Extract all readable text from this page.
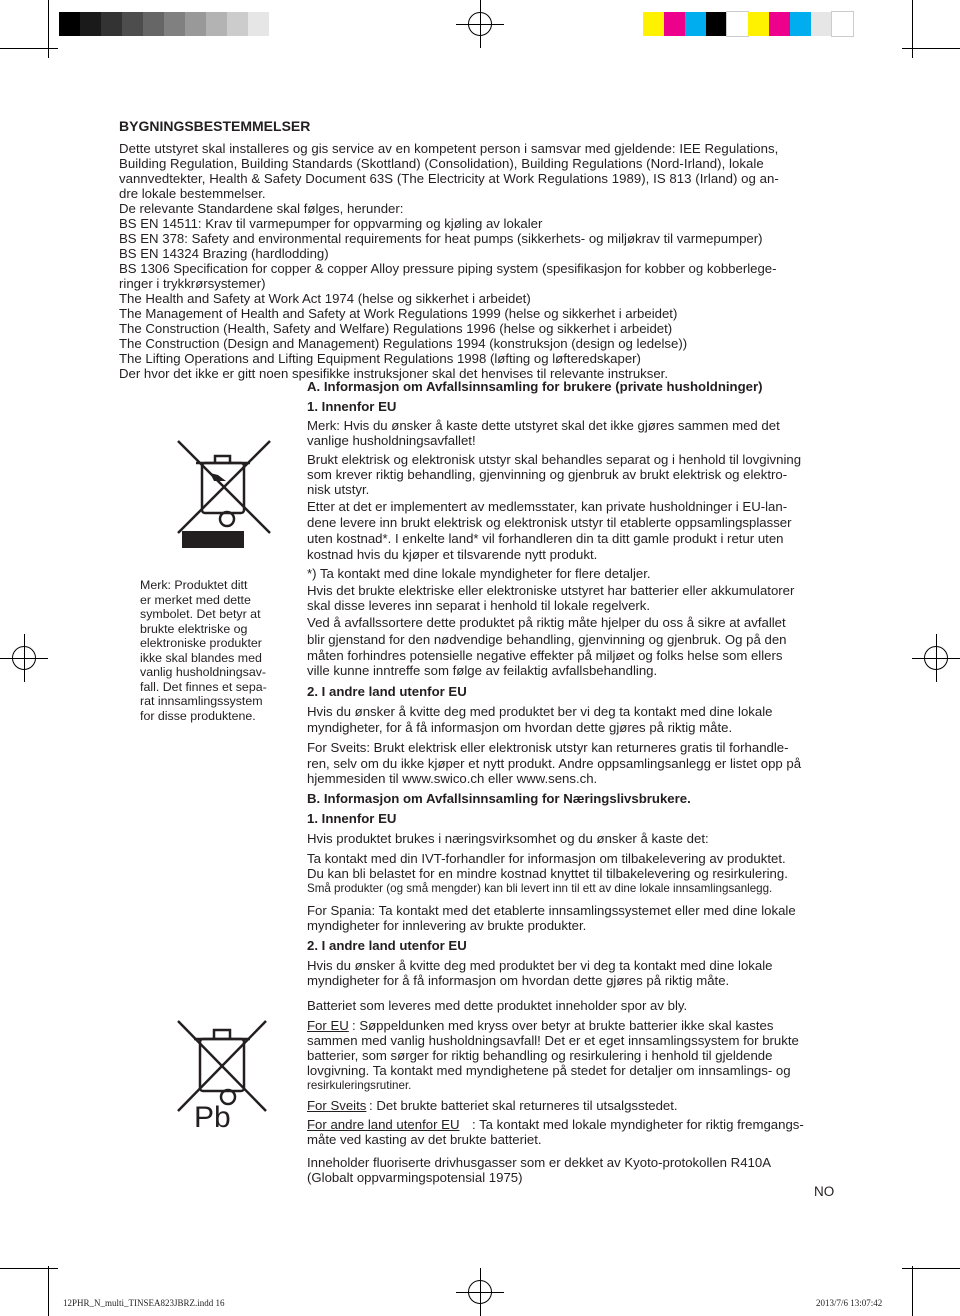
BYGNINGSBESTEMMELSER
Dette utstyret skal installeres og gis service av en kompetent person i samsvar med gjeldende: IEE Regulations,
Building Regulation, Building Standards (Skottland) (Consolidation), Building Regulations (Nord-Irland), lokale
vannvedtekter, Health & Safety Document 63S (The Electricity at Work Regulations 1989), IS 813 (Irland) og an-
dre lokale bestemmelser.
De relevante Standardene skal følges, herunder:
BS EN 14511: Krav til varmepumper for oppvarming og kjøling av lokaler
BS EN 378: Safety and environmental requirements for heat pumps (sikkerhets- og miljøkrav til varmepumper)
BS EN 14324 Brazing (hardlodding)
BS 1306 Specification for copper & copper Alloy pressure piping system (spesifikasjon for kobber og kobberlege-
ringer i trykkrørsystemer)
The Health and Safety at Work Act 1974 (helse og sikkerhet i arbeidet)
The Management of Health and Safety at Work Regulations 1999 (helse og sikkerhet i arbeidet)
The Construction (Health, Safety and Welfare) Regulations 1996 (helse og sikkerhet i arbeidet)
The Construction (Design and Management) Regulations 1994 (konstruksjon (design og ledelse))
The Lifting Operations and Lifting Equipment Regulations 1998 (løfting og løfteredskaper)
Der hvor det ikke er gitt noen spesifikke instruksjoner skal det henvises til relevante instrukser.
Merk: Produktet ditt
er merket med dette
symbolet. Det betyr at
brukte elektriske og
elektroniske produkter
ikke skal blandes med
vanlig husholdningsav-
fall. Det finnes et sepa-
rat innsamlingssystem
for disse produktene.
Pb
A. Informasjon om Avfallsinnsamling for brukere (private husholdninger)
1. Innenfor EU
Merk: Hvis du ønsker å kaste dette utstyret skal det ikke gjøres sammen med det
vanlige husholdningsavfallet!
Brukt elektrisk og elektronisk utstyr skal behandles separat og i henhold til lovgivning
som krever riktig behandling, gjenvinning og gjenbruk av brukt elektrisk og elektro-
nisk utstyr.
Etter at det er implementert av medlemsstater, kan private husholdninger i EU-lan-
dene levere inn brukt elektrisk og elektronisk utstyr til etablerte oppsamlingsplasser
uten kostnad*. I enkelte land* vil forhandleren din ta ditt gamle produkt i retur uten
kostnad hvis du kjøper et tilsvarende nytt produkt.
*) Ta kontakt med dine lokale myndigheter for flere detaljer.
Hvis det brukte elektriske eller elektroniske utstyret har batterier eller akkumulatorer
skal disse leveres inn separat i henhold til lokale regelverk.
Ved å avfallssortere dette produktet på riktig måte hjelper du oss å sikre at avfallet
blir gjenstand for den nødvendige behandling, gjenvinning og gjenbruk. Og på den
måten forhindres potensielle negative effekter på miljøet og folks helse som ellers
ville kunne inntreffe som følge av feilaktig avfallsbehandling.
2. I andre land utenfor EU
Hvis du ønsker å kvitte deg med produktet ber vi deg ta kontakt med dine lokale
myndigheter, for å få informasjon om hvordan dette gjøres på riktig måte.
For Sveits: Brukt elektrisk eller elektronisk utstyr kan returneres gratis til forhandle-
ren, selv om du ikke kjøper et nytt produkt. Andre oppsamlingsanlegg er listet opp på
hjemmesiden til www.swico.ch eller www.sens.ch.
B. Informasjon om Avfallsinnsamling for Næringslivsbrukere.
1. Innenfor EU
Hvis produktet brukes i næringsvirksomhet og du ønsker å kaste det:
Ta kontakt med din IVT-forhandler for informasjon om tilbakelevering av produktet.
Du kan bli belastet for en mindre kostnad knyttet til tilbakelevering og resirkulering.
Små produkter (og små mengder) kan bli levert inn til ett av dine lokale innsamlingsanlegg.
For Spania: Ta kontakt med det etablerte innsamlingssystemet eller med dine lokale
myndigheter for innlevering av brukte produkter.
2. I andre land utenfor EU
Hvis du ønsker å kvitte deg med produktet ber vi deg ta kontakt med dine lokale
myndigheter for å få informasjon om hvordan dette gjøres på riktig måte.
Batteriet som leveres med dette produktet inneholder spor av bly.
For EU : Søppeldunken med kryss over betyr at brukte batterier ikke skal kastes
sammen med vanlig husholdningsavfall! Det er et eget innsamlingssystem for brukte
batterier, som sørger for riktig behandling og resirkulering i henhold til gjeldende
lovgivning. Ta kontakt med myndighetene på stedet for detaljer om innsamlings- og
resirkuleringsrutiner.
For Sveits : Det brukte batteriet skal returneres til utsalgsstedet.
For andre land utenfor EU : Ta kontakt med lokale myndigheter for riktig fremgangs-
måte ved kasting av det brukte batteriet.
Inneholder fluoriserte drivhusgasser som er dekket av Kyoto-protokollen R410A
(Globalt oppvarmingspotensial 1975)
NO
12PHR_N_multi_TINSEA823JBRZ.indd 16	2013/7/6 13:07:42
